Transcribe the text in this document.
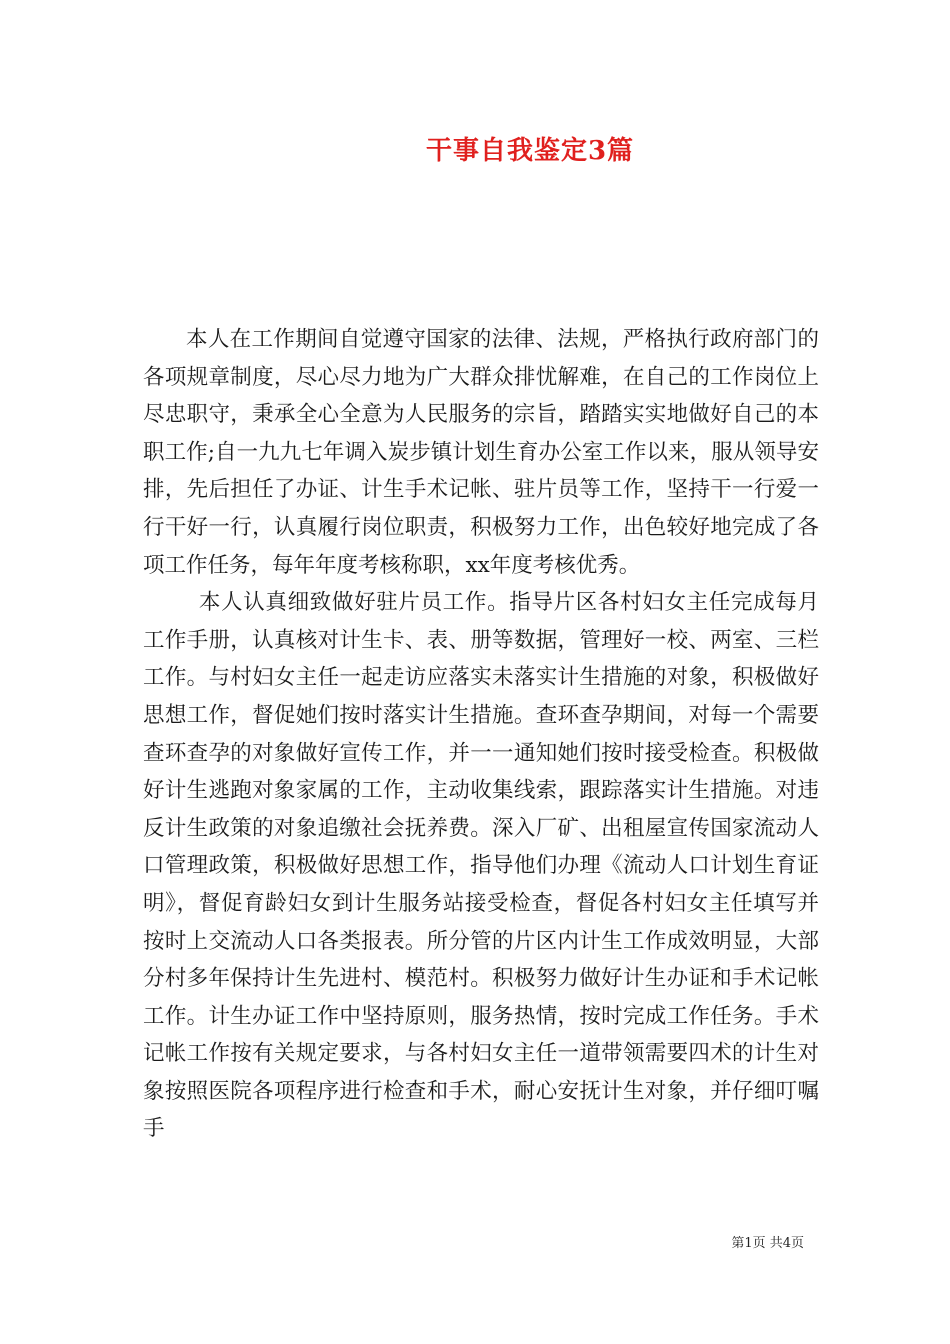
干事自我鉴定3篇

本人在工作期间自觉遵守国家的法律、法规，严格执行政府部门的各项规章制度，尽心尽力地为广大群众排忧解难，在自己的工作岗位上尽忠职守，秉承全心全意为人民服务的宗旨，踏踏实实地做好自己的本职工作;自一九九七年调入炭步镇计划生育办公室工作以来，服从领导安排，先后担任了办证、计生手术记帐、驻片员等工作，坚持干一行爱一行干好一行，认真履行岗位职责，积极努力工作，出色较好地完成了各项工作任务，每年年度考核称职，xx年度考核优秀。

本人认真细致做好驻片员工作。指导片区各村妇女主任完成每月工作手册，认真核对计生卡、表、册等数据，管理好一校、两室、三栏工作。与村妇女主任一起走访应落实未落实计生措施的对象，积极做好思想工作，督促她们按时落实计生措施。查环查孕期间，对每一个需要查环查孕的对象做好宣传工作，并一一通知她们按时接受检查。积极做好计生逃跑对象家属的工作，主动收集线索，跟踪落实计生措施。对违反计生政策的对象追缴社会抚养费。深入厂矿、出租屋宣传国家流动人口管理政策，积极做好思想工作，指导他们办理《流动人口计划生育证明》，督促育龄妇女到计生服务站接受检查，督促各村妇女主任填写并按时上交流动人口各类报表。所分管的片区内计生工作成效明显，大部分村多年保持计生先进村、模范村。积极努力做好计生办证和手术记帐工作。计生办证工作中坚持原则，服务热情，按时完成工作任务。手术记帐工作按有关规定要求，与各村妇女主任一道带领需要四术的计生对象按照医院各项程序进行检查和手术，耐心安抚计生对象，并仔细叮嘱手

第1页 共4页
